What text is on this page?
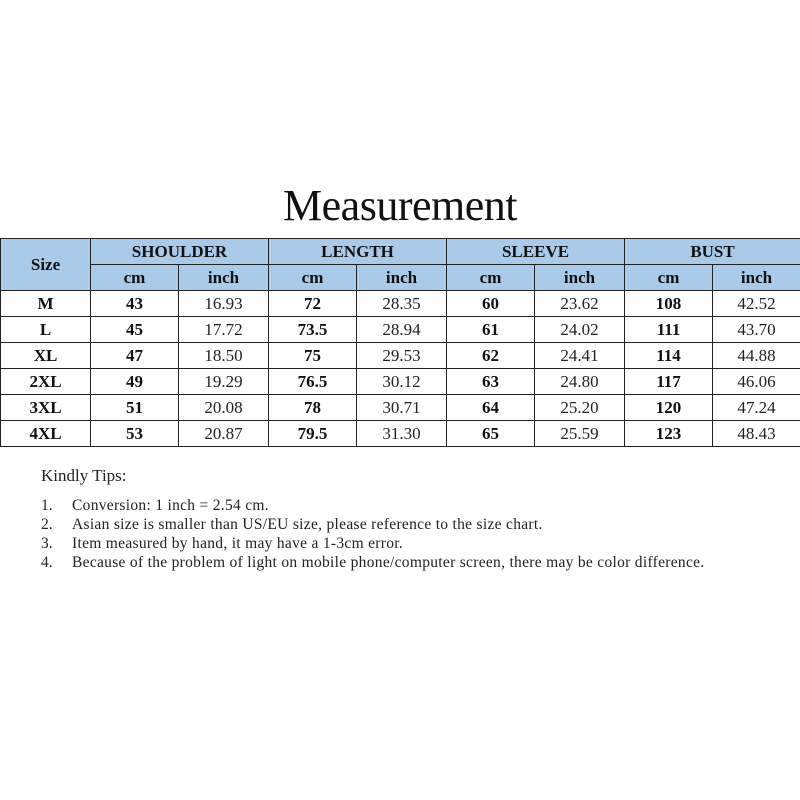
Measurement
Size	SHOULDER		LENGTH		SLEEVE		BUST	
	cm	inch	cm	inch	cm	inch	cm	inch
M	43	16.93	72	28.35	60	23.62	108	42.52
L	45	17.72	73.5	28.94	61	24.02	111	43.70
XL	47	18.50	75	29.53	62	24.41	114	44.88
2XL	49	19.29	76.5	30.12	63	24.80	117	46.06
3XL	51	20.08	78	30.71	64	25.20	120	47.24
4XL	53	20.87	79.5	31.30	65	25.59	123	48.43
Kindly Tips:
1.	Conversion: 1 inch = 2.54 cm.
2.	Asian size is smaller than US/EU size, please reference to the size chart.
3.	Item measured by hand, it may have a 1-3cm error.
4.	Because of the problem of light on mobile phone/computer screen, there may be color difference.
